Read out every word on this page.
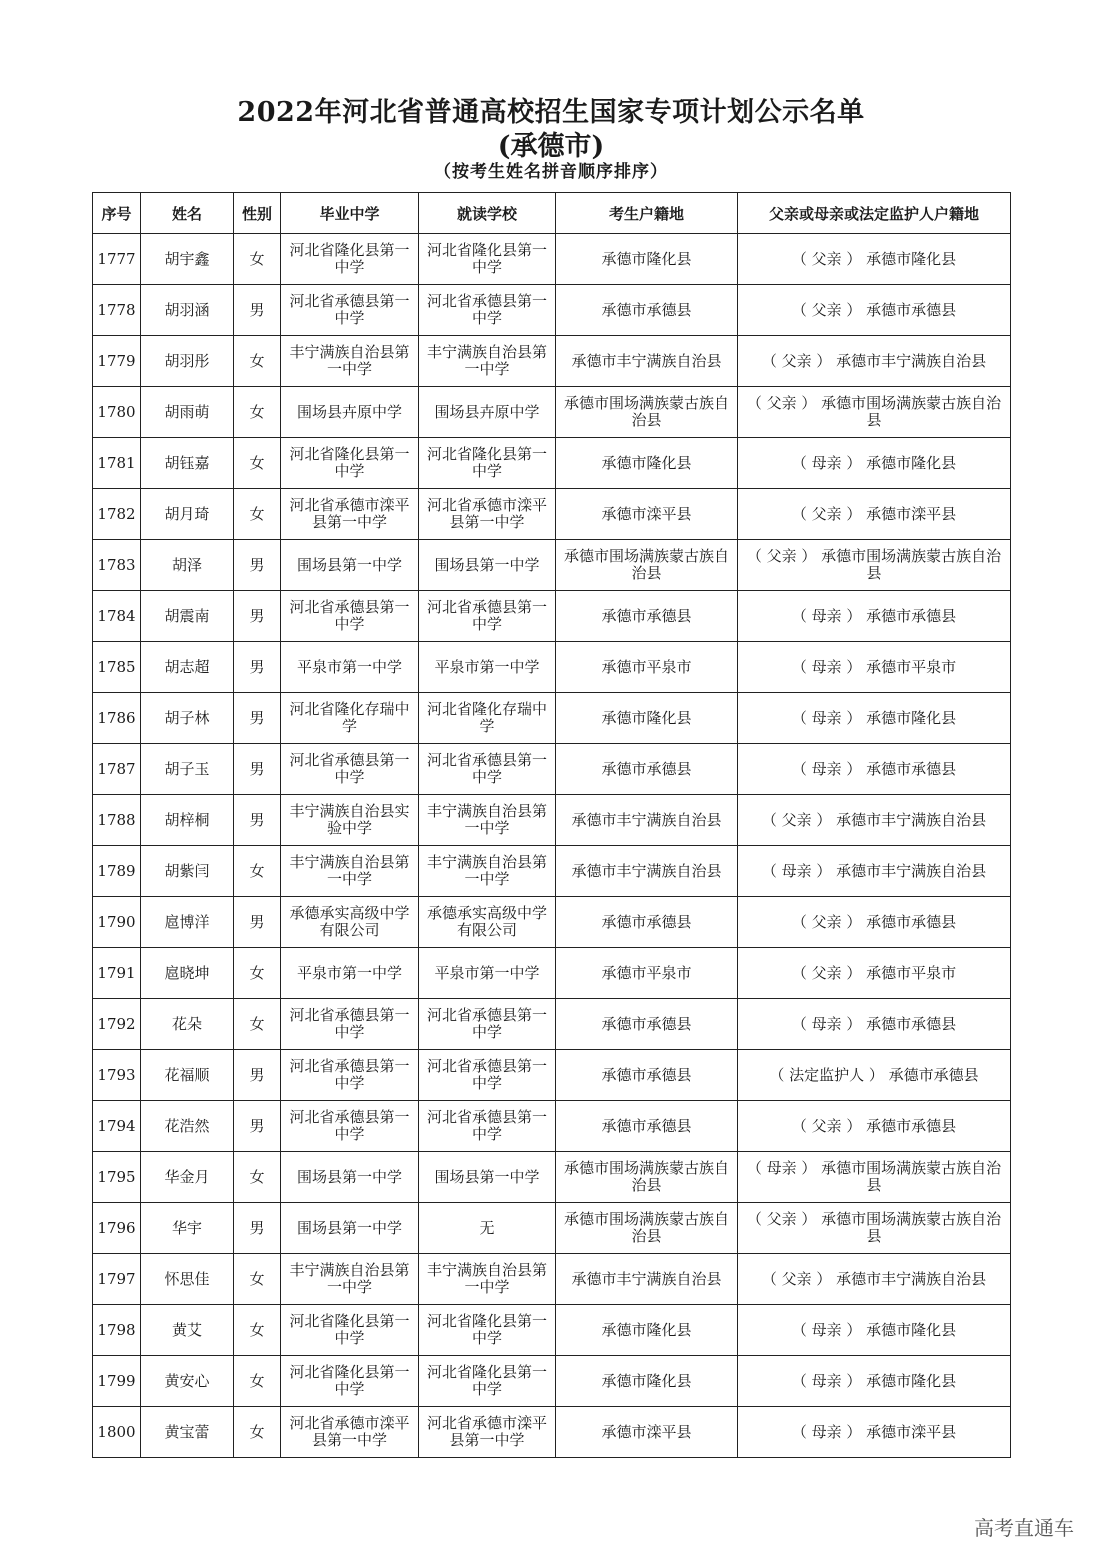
2022年河北省普通高校招生国家专项计划公示名单
(承德市)
（按考生姓名拼音顺序排序）
序号	姓名	性别	毕业中学	就读学校	考生户籍地	父亲或母亲或法定监护人户籍地
1777	胡宇鑫	女	河北省隆化县第一中学	河北省隆化县第一中学	承德市隆化县	（ 父亲 ） 承德市隆化县
1778	胡羽涵	男	河北省承德县第一中学	河北省承德县第一中学	承德市承德县	（ 父亲 ） 承德市承德县
1779	胡羽彤	女	丰宁满族自治县第一中学	丰宁满族自治县第一中学	承德市丰宁满族自治县	（ 父亲 ） 承德市丰宁满族自治县
1780	胡雨萌	女	围场县卉原中学	围场县卉原中学	承德市围场满族蒙古族自治县	（ 父亲 ） 承德市围场满族蒙古族自治县
1781	胡钰嘉	女	河北省隆化县第一中学	河北省隆化县第一中学	承德市隆化县	（ 母亲 ） 承德市隆化县
1782	胡月琦	女	河北省承德市滦平县第一中学	河北省承德市滦平县第一中学	承德市滦平县	（ 父亲 ） 承德市滦平县
1783	胡泽	男	围场县第一中学	围场县第一中学	承德市围场满族蒙古族自治县	（ 父亲 ） 承德市围场满族蒙古族自治县
1784	胡震南	男	河北省承德县第一中学	河北省承德县第一中学	承德市承德县	（ 母亲 ） 承德市承德县
1785	胡志超	男	平泉市第一中学	平泉市第一中学	承德市平泉市	（ 母亲 ） 承德市平泉市
1786	胡子林	男	河北省隆化存瑞中学	河北省隆化存瑞中学	承德市隆化县	（ 母亲 ） 承德市隆化县
1787	胡子玉	男	河北省承德县第一中学	河北省承德县第一中学	承德市承德县	（ 母亲 ） 承德市承德县
1788	胡梓桐	男	丰宁满族自治县实验中学	丰宁满族自治县第一中学	承德市丰宁满族自治县	（ 父亲 ） 承德市丰宁满族自治县
1789	胡紫闫	女	丰宁满族自治县第一中学	丰宁满族自治县第一中学	承德市丰宁满族自治县	（ 母亲 ） 承德市丰宁满族自治县
1790	扈博洋	男	承德承实高级中学有限公司	承德承实高级中学有限公司	承德市承德县	（ 父亲 ） 承德市承德县
1791	扈晓坤	女	平泉市第一中学	平泉市第一中学	承德市平泉市	（ 父亲 ） 承德市平泉市
1792	花朵	女	河北省承德县第一中学	河北省承德县第一中学	承德市承德县	（ 母亲 ） 承德市承德县
1793	花福顺	男	河北省承德县第一中学	河北省承德县第一中学	承德市承德县	（ 法定监护人 ） 承德市承德县
1794	花浩然	男	河北省承德县第一中学	河北省承德县第一中学	承德市承德县	（ 父亲 ） 承德市承德县
1795	华金月	女	围场县第一中学	围场县第一中学	承德市围场满族蒙古族自治县	（ 母亲 ） 承德市围场满族蒙古族自治县
1796	华宇	男	围场县第一中学	无	承德市围场满族蒙古族自治县	（ 父亲 ） 承德市围场满族蒙古族自治县
1797	怀思佳	女	丰宁满族自治县第一中学	丰宁满族自治县第一中学	承德市丰宁满族自治县	（ 父亲 ） 承德市丰宁满族自治县
1798	黄艾	女	河北省隆化县第一中学	河北省隆化县第一中学	承德市隆化县	（ 母亲 ） 承德市隆化县
1799	黄安心	女	河北省隆化县第一中学	河北省隆化县第一中学	承德市隆化县	（ 母亲 ） 承德市隆化县
1800	黄宝蕾	女	河北省承德市滦平县第一中学	河北省承德市滦平县第一中学	承德市滦平县	（ 母亲 ） 承德市滦平县
高考直通车
